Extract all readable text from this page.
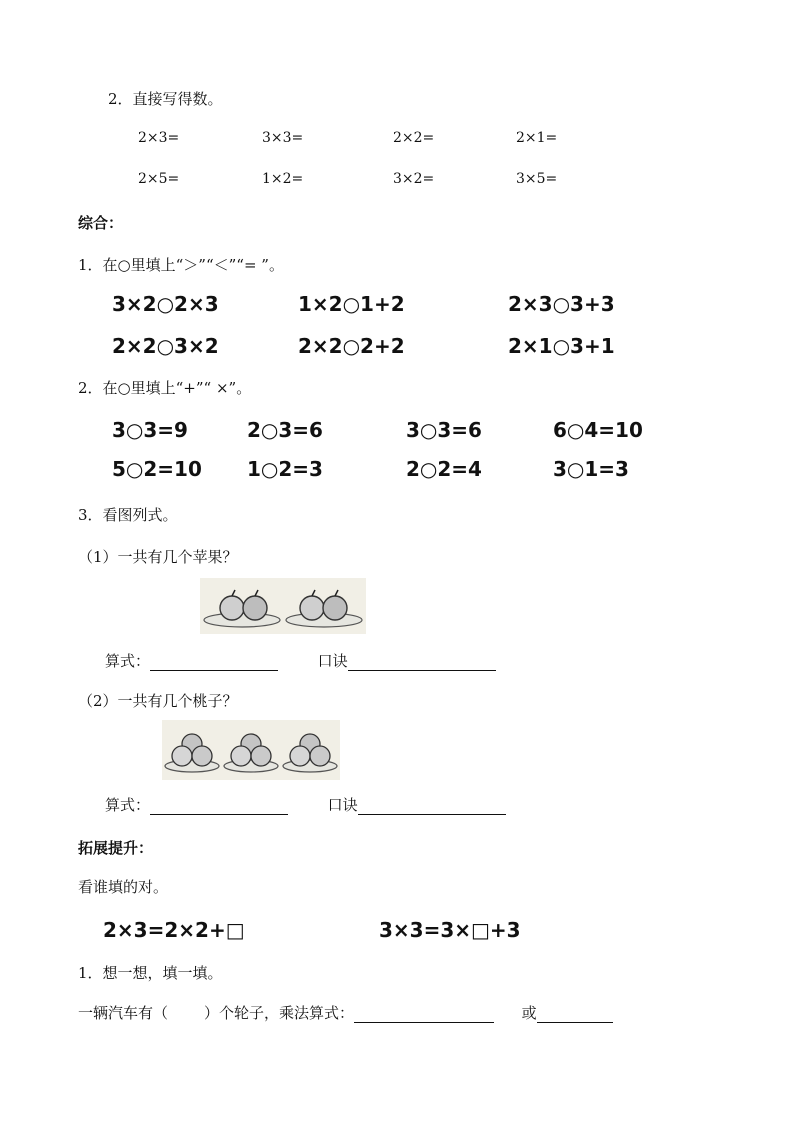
2．直接写得数。
2×3=	3×3=	2×2=	2×1=
2×5=	1×2=	3×2=	3×5=
综合：
1．在○里填上“＞”“＜”“= ”。
3×2○2×3	1×2○1+2	2×3○3+3
2×2○3×2	2×2○2+2	2×1○3+1
2．在○里填上“+”“ ×”。
3○3=9	2○3=6	3○3=6	6○4=10
5○2=10 1○2=3	2○2=4	3○1=3
3．看图列式。
（1）一共有几个苹果？
算式：	口诀
（2）一共有几个桃子？
算式：	口诀
拓展提升：
看谁填的对。
2×3=2×2+□	3×3=3×□+3
1．想一想，填一填。
一辆汽车有（ ）个轮子，乘法算式：	或
